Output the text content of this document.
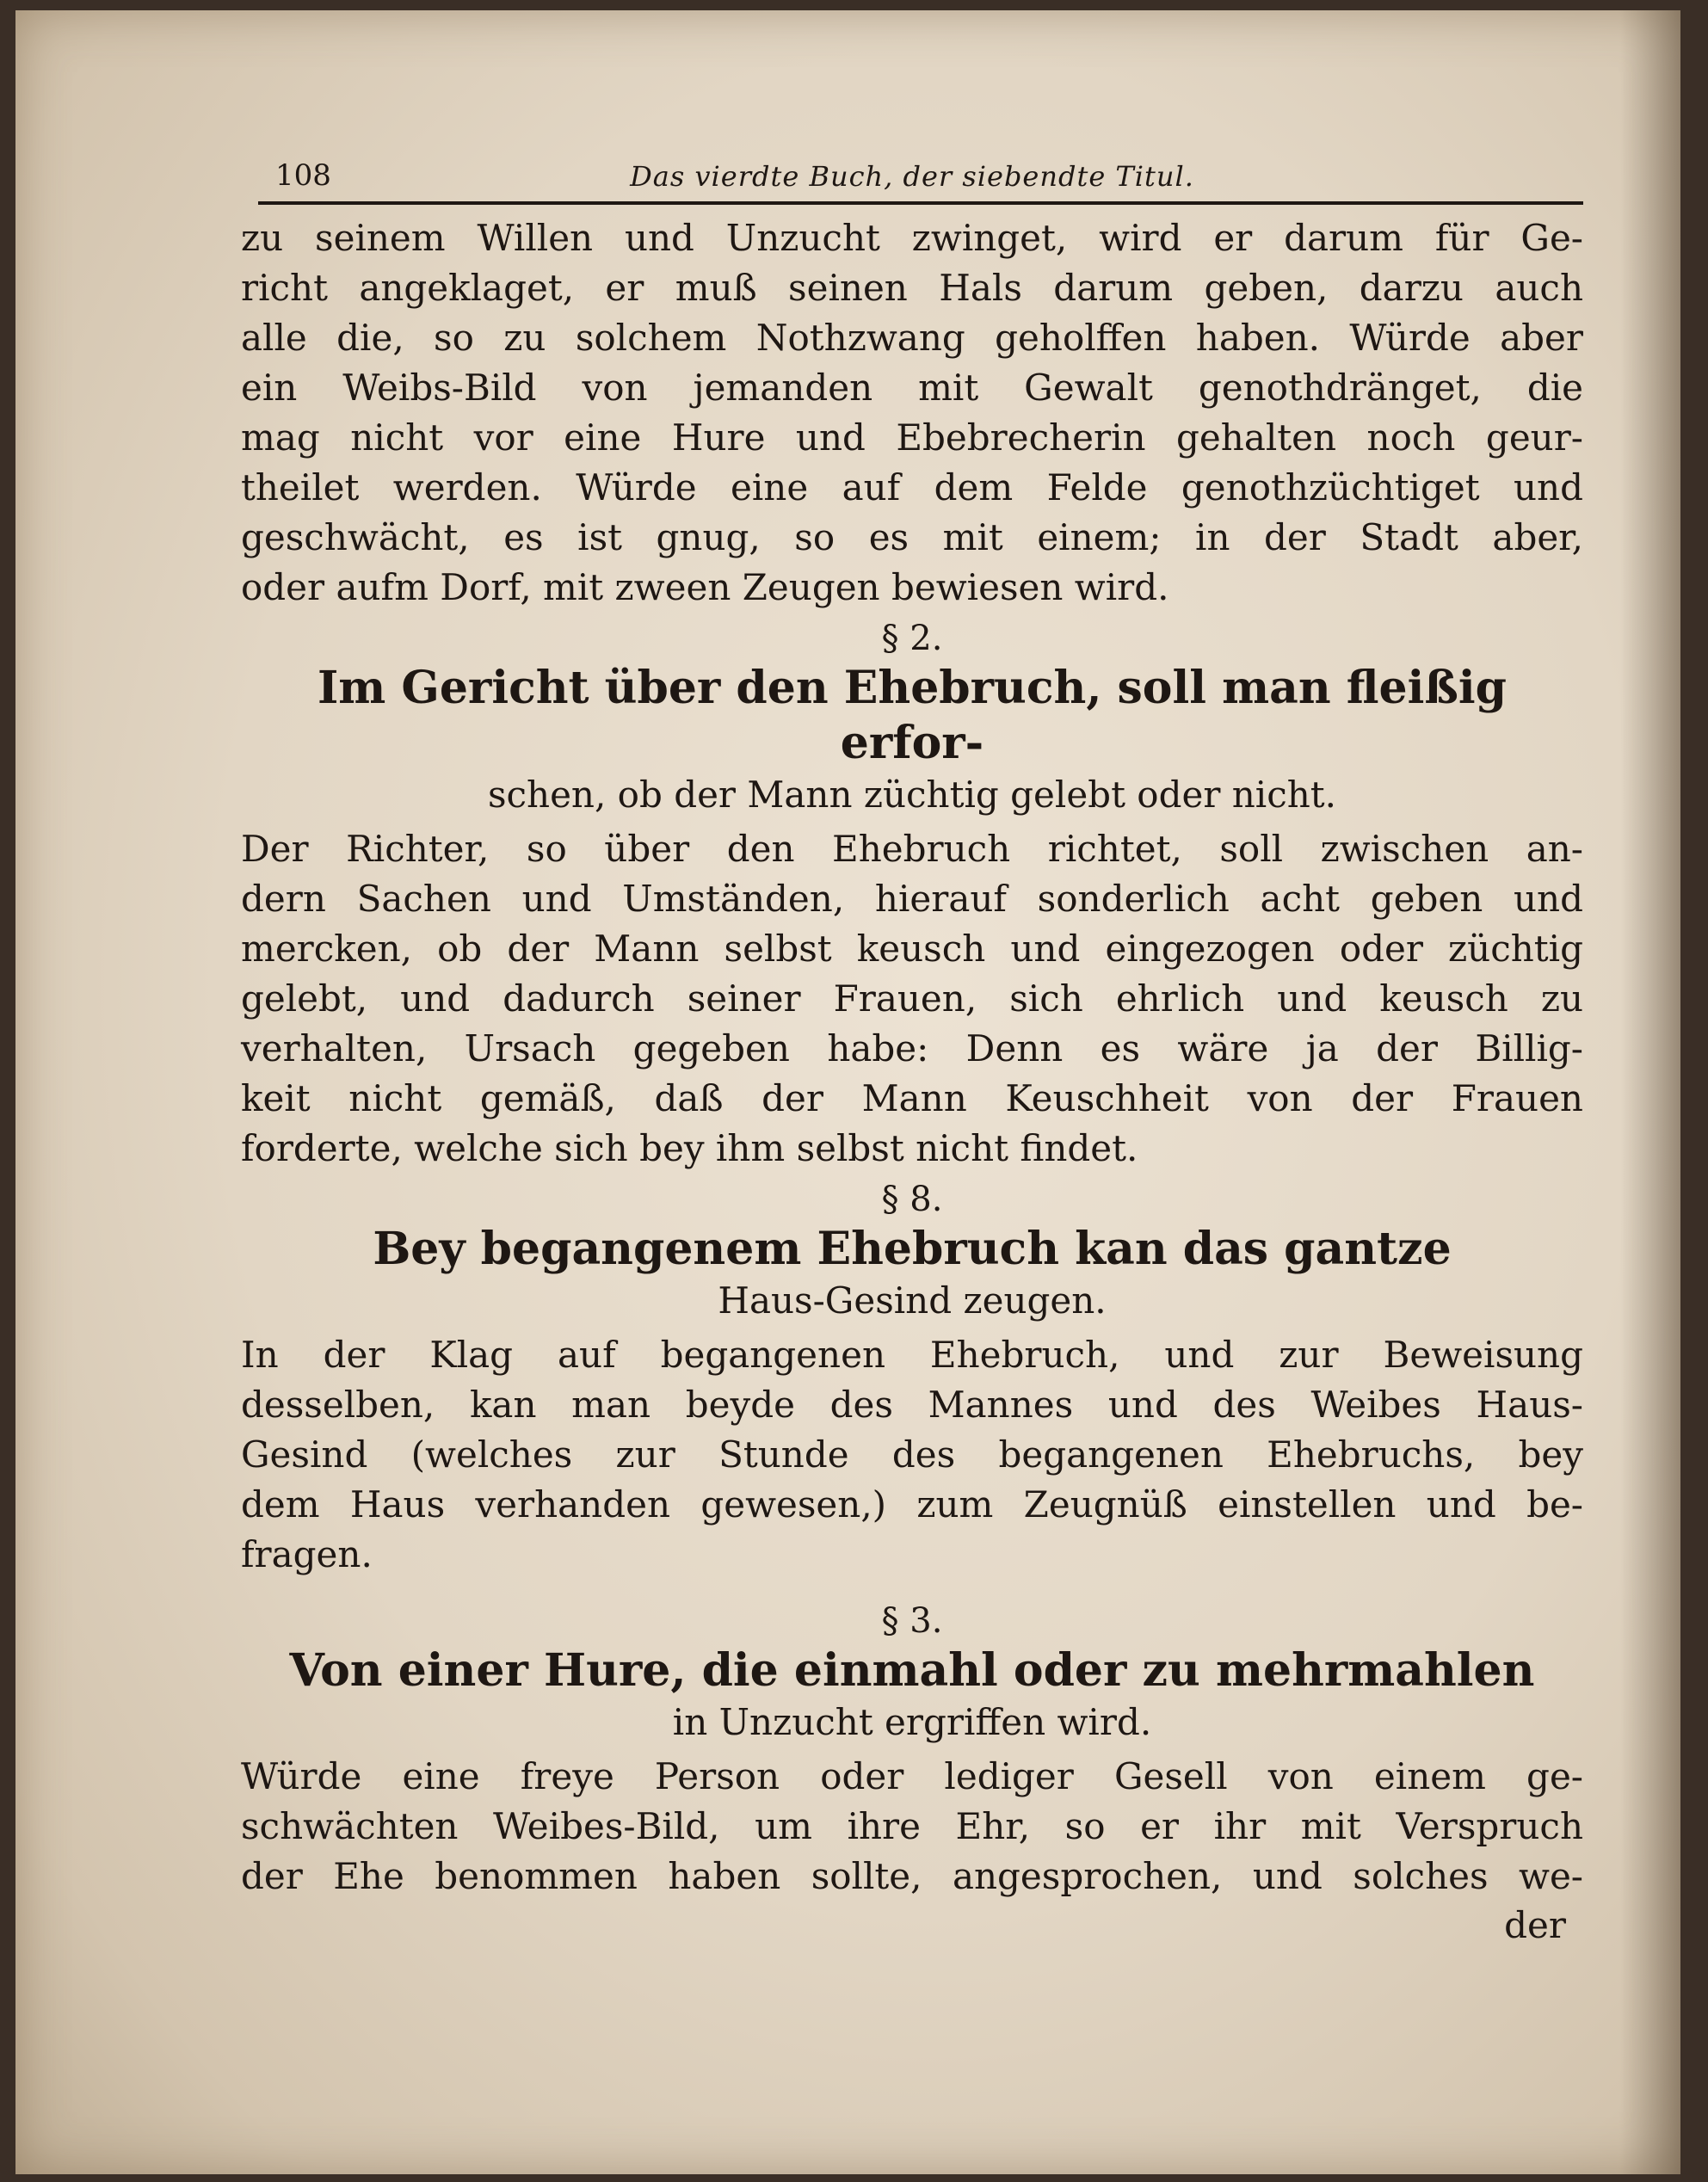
108	Das vierdte Buch, der siebendte Titul.

zu seinem Willen und Unzucht zwinget, wird er darum für Ge-
richt angeklaget, er muß seinen Hals darum geben, darzu auch
alle die, so zu solchem Nothzwang geholffen haben. Würde aber
ein Weibs-Bild von jemanden mit Gewalt genothdränget, die
mag nicht vor eine Hure und Ebebrecherin gehalten noch geur-
theilet werden. Würde eine auf dem Felde genothzüchtiget und
geschwächt, es ist gnug, so es mit einem; in der Stadt aber,
oder aufm Dorf, mit zween Zeugen bewiesen wird.

§ 2.

Im Gericht über den Ehebruch, soll man fleißig erfor-

schen, ob der Mann züchtig gelebt oder nicht.

Der Richter, so über den Ehebruch richtet, soll zwischen an-
dern Sachen und Umständen, hierauf sonderlich acht geben und
mercken, ob der Mann selbst keusch und eingezogen oder züchtig
gelebt, und dadurch seiner Frauen, sich ehrlich und keusch zu
verhalten, Ursach gegeben habe: Denn es wäre ja der Billig-
keit nicht gemäß, daß der Mann Keuschheit von der Frauen
forderte, welche sich bey ihm selbst nicht findet.

§ 8.

Bey begangenem Ehebruch kan das gantze

Haus-Gesind zeugen.

In der Klag auf begangenen Ehebruch, und zur Beweisung
desselben, kan man beyde des Mannes und des Weibes Haus-
Gesind (welches zur Stunde des begangenen Ehebruchs, bey
dem Haus verhanden gewesen,) zum Zeugnüß einstellen und be-
fragen.

§ 3.

Von einer Hure, die einmahl oder zu mehrmahlen

in Unzucht ergriffen wird.

Würde eine freye Person oder lediger Gesell von einem ge-
schwächten Weibes-Bild, um ihre Ehr, so er ihr mit Verspruch
der Ehe benommen haben sollte, angesprochen, und solches we-

der
